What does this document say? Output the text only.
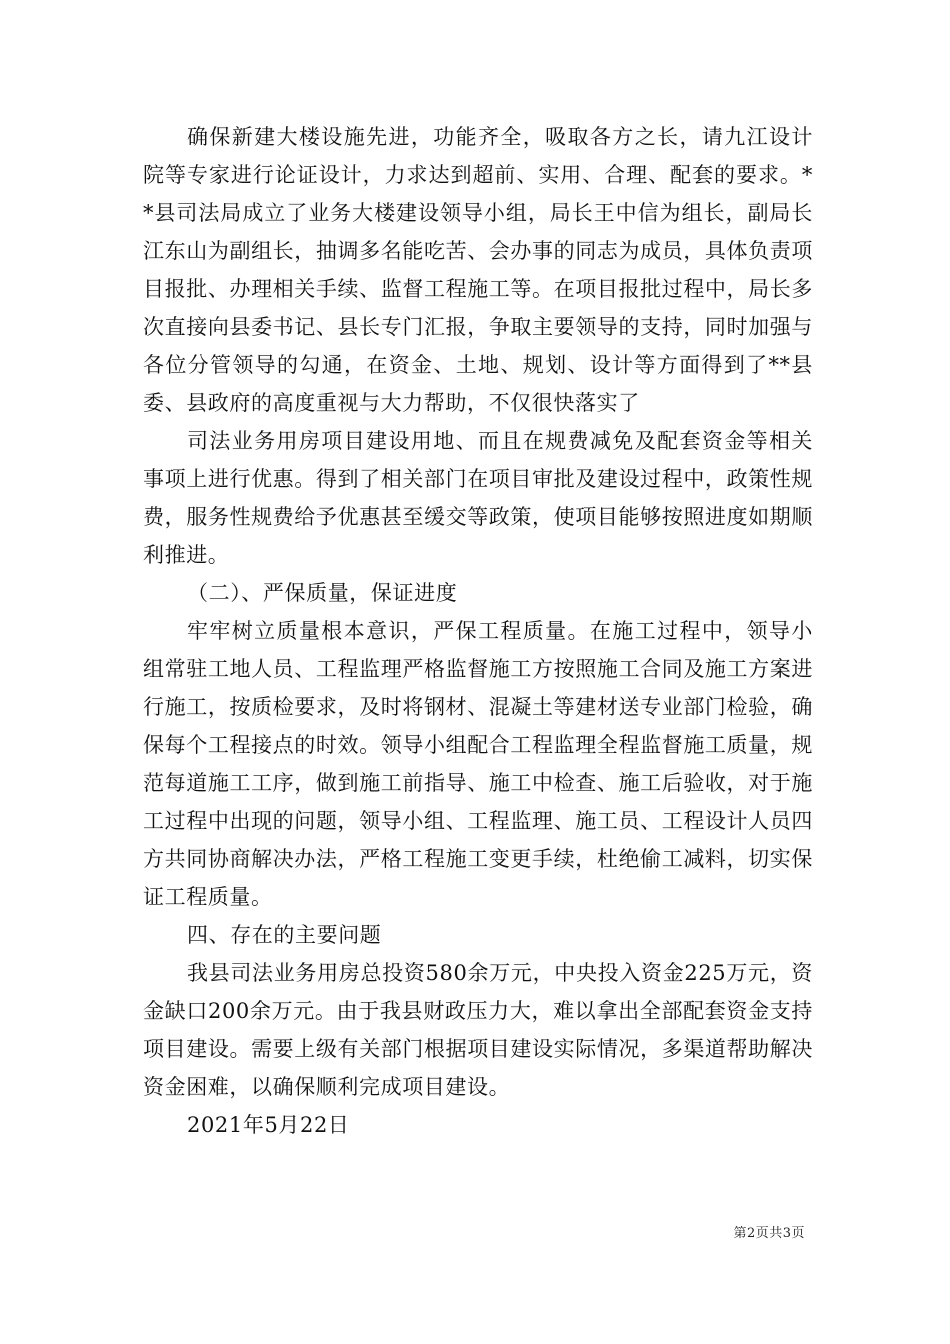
确保新建大楼设施先进，功能齐全，吸取各方之长，请九江设计院等专家进行论证设计，力求达到超前、实用、合理、配套的要求。**县司法局成立了业务大楼建设领导小组，局长王中信为组长，副局长江东山为副组长，抽调多名能吃苦、会办事的同志为成员，具体负责项目报批、办理相关手续、监督工程施工等。在项目报批过程中，局长多次直接向县委书记、县长专门汇报，争取主要领导的支持，同时加强与各位分管领导的勾通，在资金、土地、规划、设计等方面得到了**县委、县政府的高度重视与大力帮助，不仅很快落实了

司法业务用房项目建设用地、而且在规费减免及配套资金等相关事项上进行优惠。得到了相关部门在项目审批及建设过程中，政策性规费，服务性规费给予优惠甚至缓交等政策，使项目能够按照进度如期顺利推进。

（二）、严保质量，保证进度

牢牢树立质量根本意识，严保工程质量。在施工过程中，领导小组常驻工地人员、工程监理严格监督施工方按照施工合同及施工方案进行施工，按质检要求，及时将钢材、混凝土等建材送专业部门检验，确保每个工程接点的时效。领导小组配合工程监理全程监督施工质量，规范每道施工工序，做到施工前指导、施工中检查、施工后验收，对于施工过程中出现的问题，领导小组、工程监理、施工员、工程设计人员四方共同协商解决办法，严格工程施工变更手续，杜绝偷工减料，切实保证工程质量。

四、存在的主要问题

我县司法业务用房总投资580余万元，中央投入资金225万元，资金缺口200余万元。由于我县财政压力大，难以拿出全部配套资金支持项目建设。需要上级有关部门根据项目建设实际情况，多渠道帮助解决资金困难，以确保顺利完成项目建设。

2021年5月22日

第2页共3页
